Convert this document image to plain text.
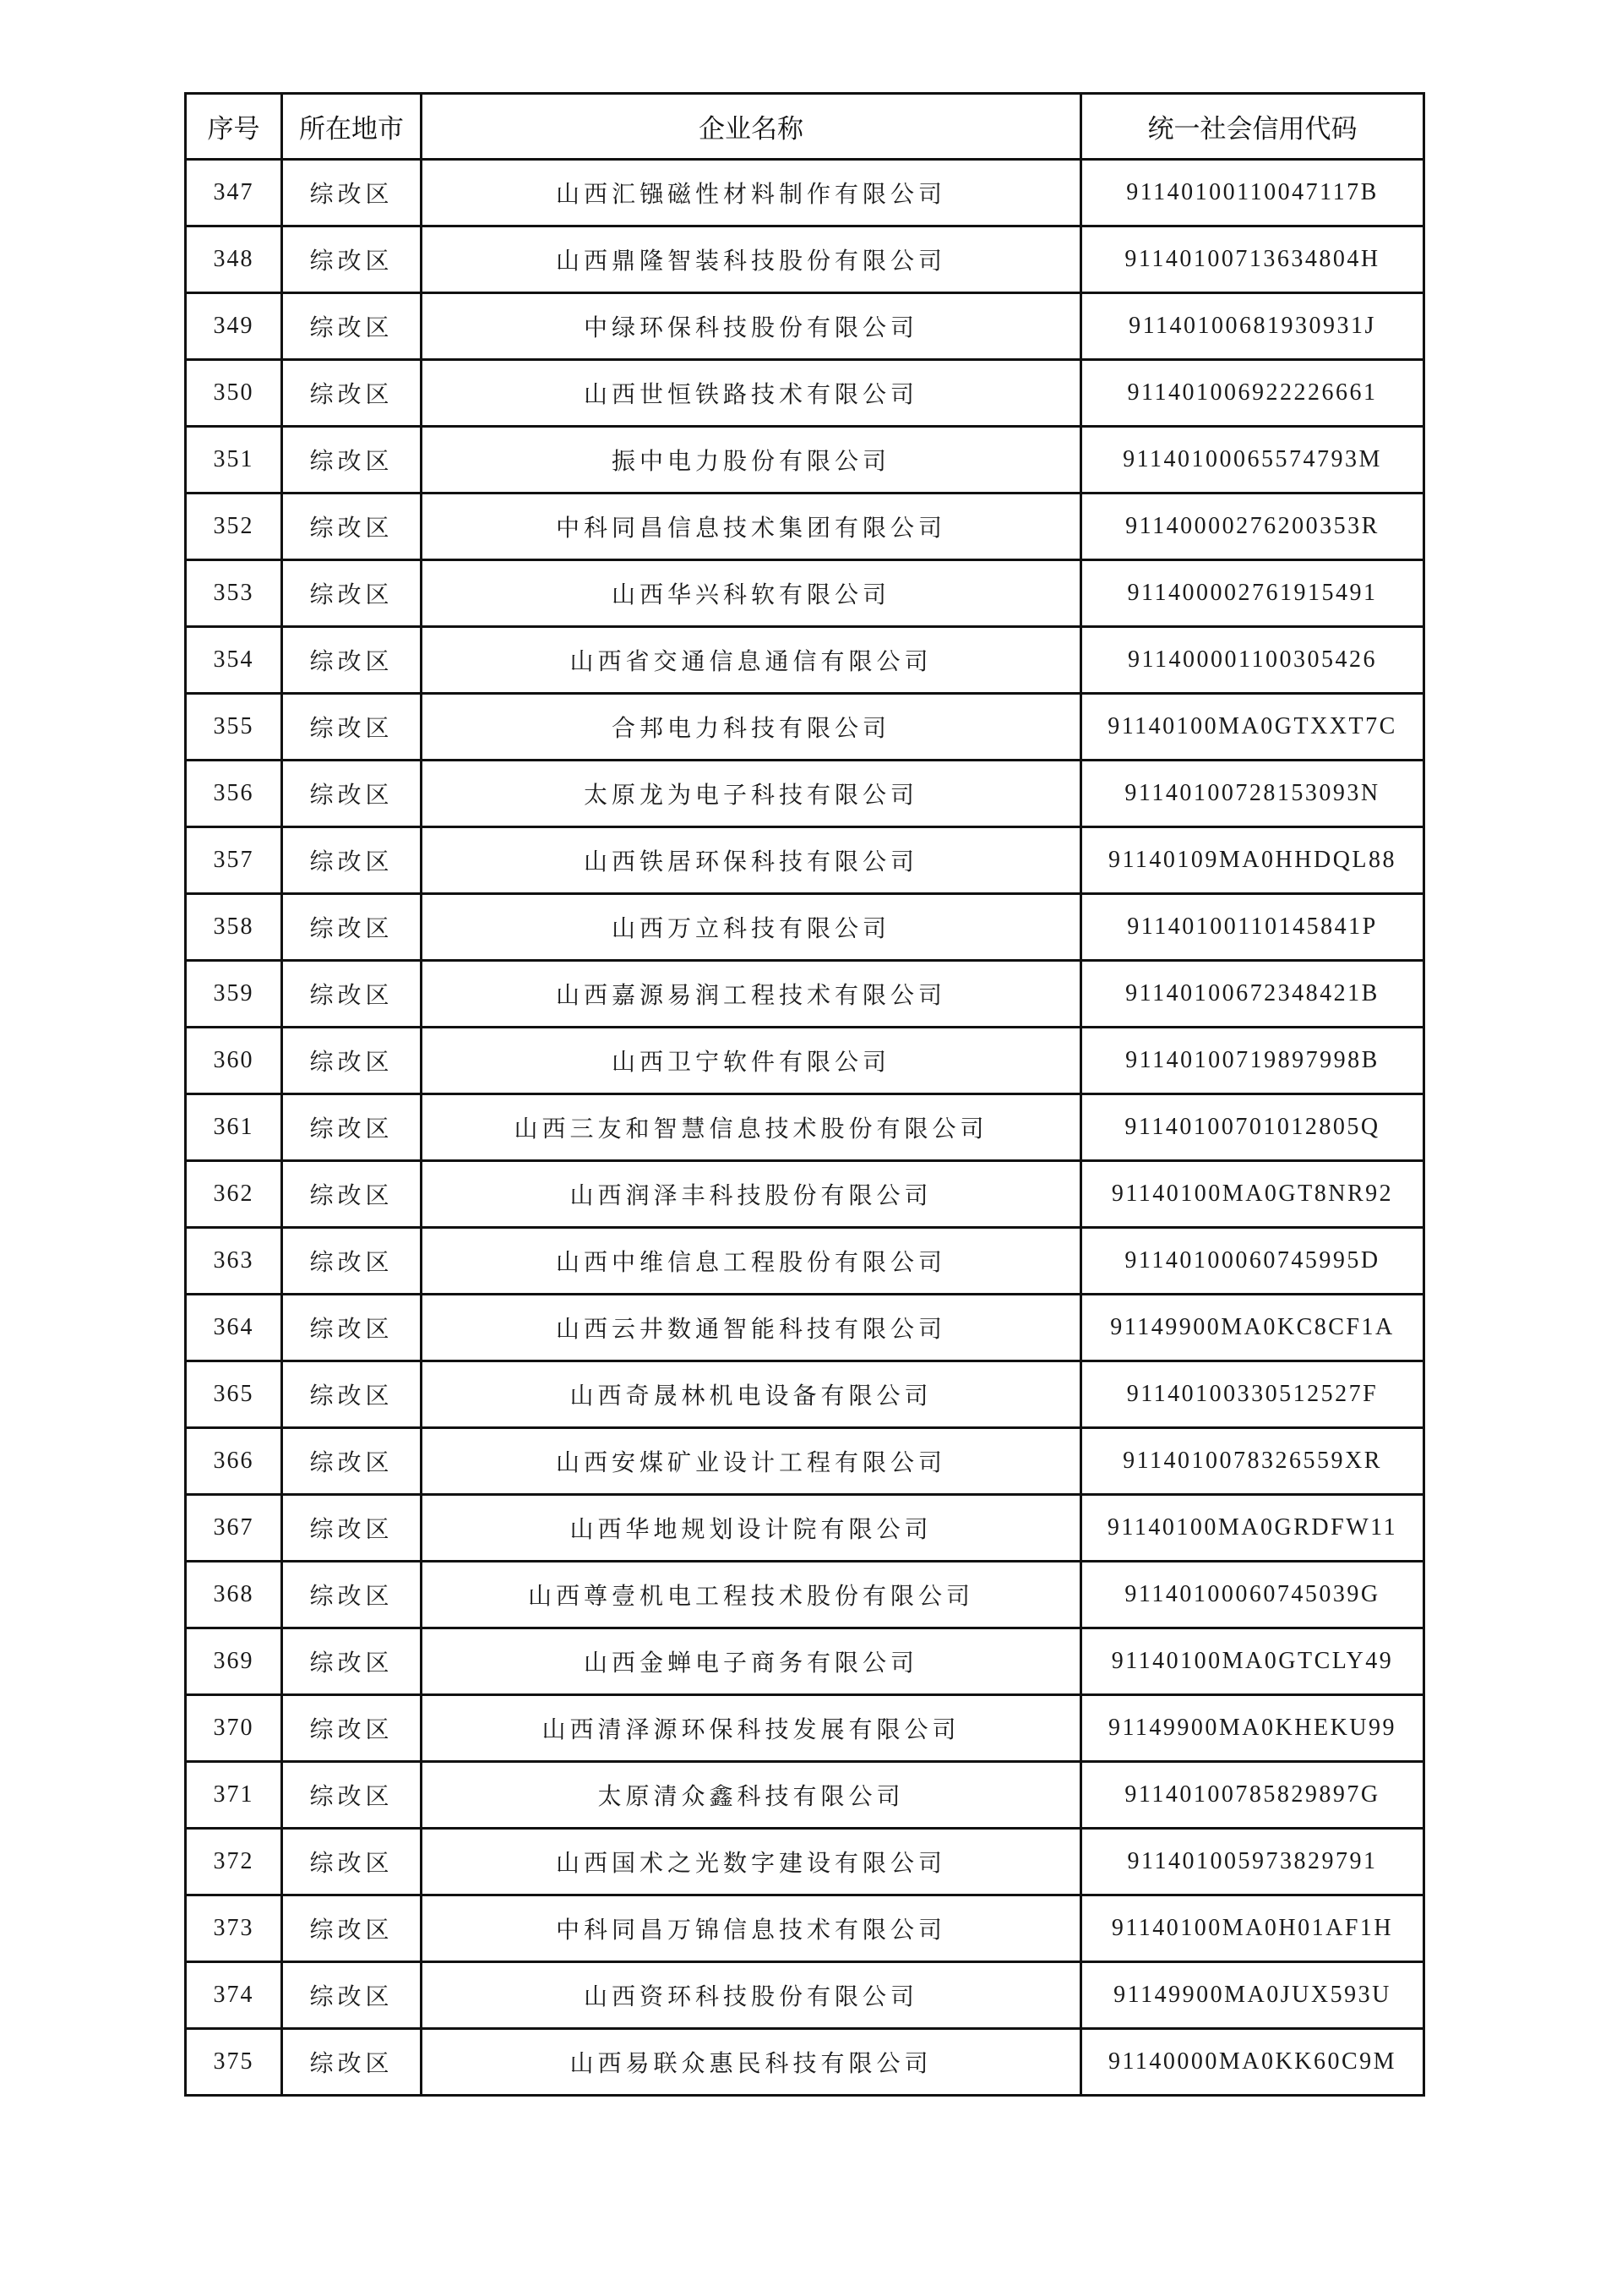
序号	所在地市	企业名称	统一社会信用代码
347	综改区	山西汇镪磁性材料制作有限公司	91140100110047117B
348	综改区	山西鼎隆智装科技股份有限公司	91140100713634804H
349	综改区	中绿环保科技股份有限公司	91140100681930931J
350	综改区	山西世恒铁路技术有限公司	911401006922226661
351	综改区	振中电力股份有限公司	91140100065574793M
352	综改区	中科同昌信息技术集团有限公司	91140000276200353R
353	综改区	山西华兴科软有限公司	911400002761915491
354	综改区	山西省交通信息通信有限公司	911400001100305426
355	综改区	合邦电力科技有限公司	91140100MA0GTXXT7C
356	综改区	太原龙为电子科技有限公司	91140100728153093N
357	综改区	山西铁居环保科技有限公司	91140109MA0HHDQL88
358	综改区	山西万立科技有限公司	91140100110145841P
359	综改区	山西嘉源易润工程技术有限公司	91140100672348421B
360	综改区	山西卫宁软件有限公司	91140100719897998B
361	综改区	山西三友和智慧信息技术股份有限公司	91140100701012805Q
362	综改区	山西润泽丰科技股份有限公司	91140100MA0GT8NR92
363	综改区	山西中维信息工程股份有限公司	91140100060745995D
364	综改区	山西云井数通智能科技有限公司	91149900MA0KC8CF1A
365	综改区	山西奇晟林机电设备有限公司	91140100330512527F
366	综改区	山西安煤矿业设计工程有限公司	9114010078326559XR
367	综改区	山西华地规划设计院有限公司	91140100MA0GRDFW11
368	综改区	山西尊壹机电工程技术股份有限公司	91140100060745039G
369	综改区	山西金蝉电子商务有限公司	91140100MA0GTCLY49
370	综改区	山西清泽源环保科技发展有限公司	91149900MA0KHEKU99
371	综改区	太原清众鑫科技有限公司	91140100785829897G
372	综改区	山西国术之光数字建设有限公司	911401005973829791
373	综改区	中科同昌万锦信息技术有限公司	91140100MA0H01AF1H
374	综改区	山西资环科技股份有限公司	91149900MA0JUX593U
375	综改区	山西易联众惠民科技有限公司	91140000MA0KK60C9M
